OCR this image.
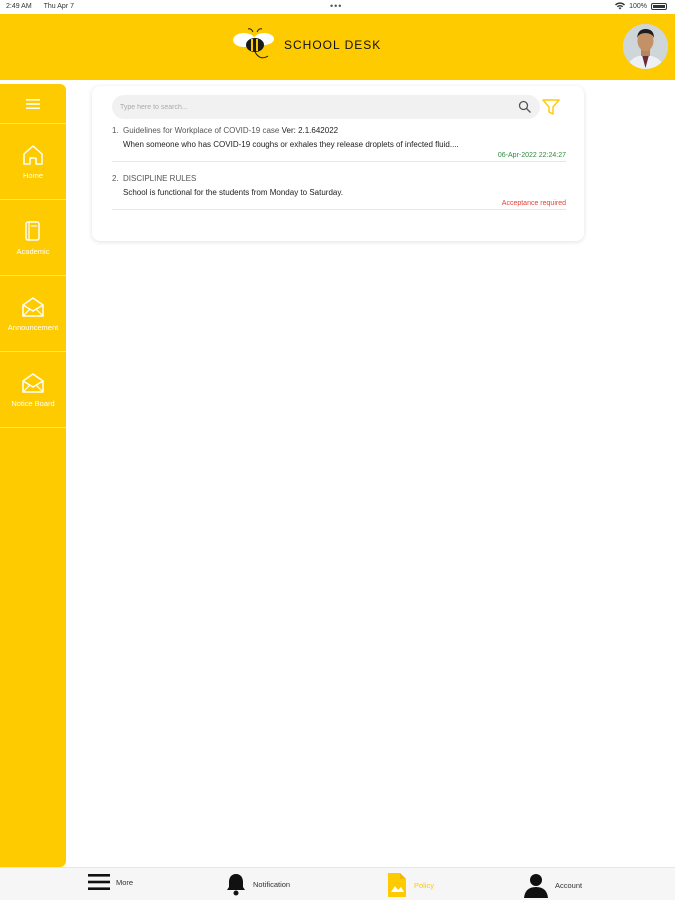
2:49 AM Thu Apr 7	•••	100%
SCHOOL DESK
Home
Academic
Announcement
Notice Board
Type here to search...
1. Guidelines for Workplace of COVID-19 case Ver: 2.1.642022
When someone who has COVID-19 coughs or exhales they release droplets of infected fluid....
06-Apr-2022 22:24:27
2. DISCIPLINE RULES
School is functional for the students from Monday to Saturday.
Acceptance required
More	Notification	Policy	Account
